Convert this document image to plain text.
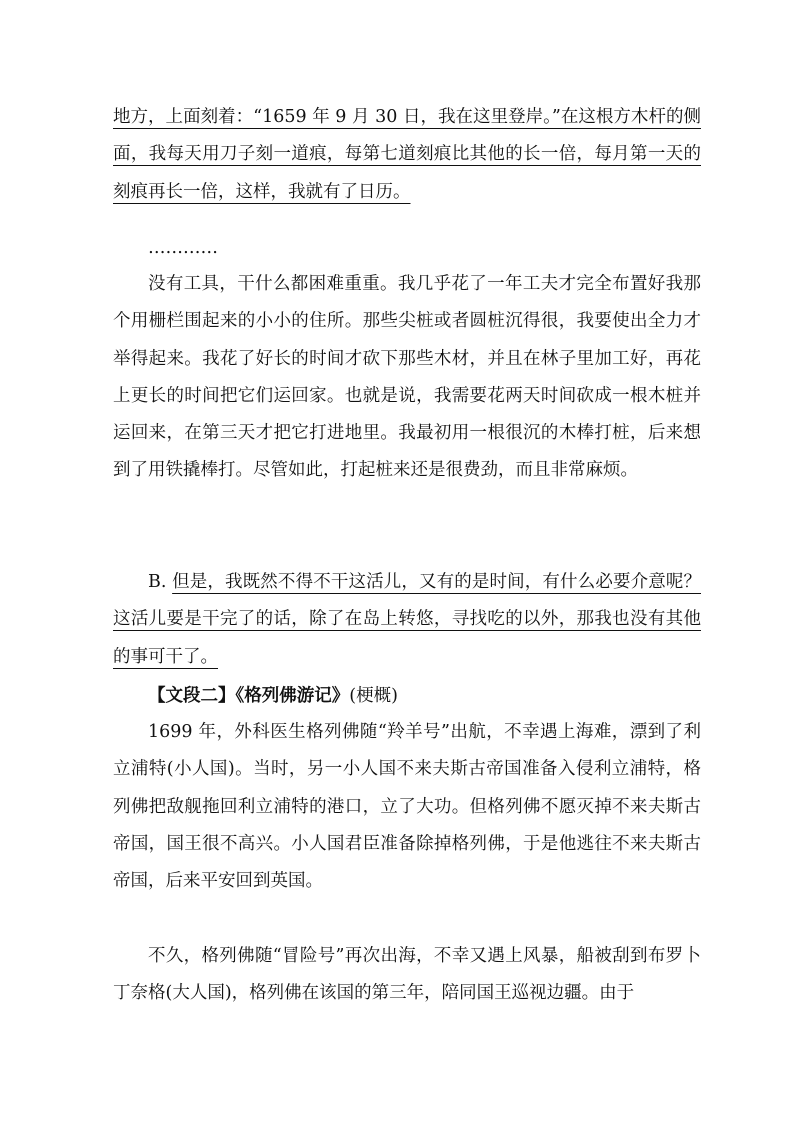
地方，上面刻着：“1659 年 9 月 30 日，我在这里登岸。”在这根方木杆的侧面，我每天用刀子刻一道痕，每第七道刻痕比其他的长一倍，每月第一天的刻痕再长一倍，这样，我就有了日历。

…………

没有工具，干什么都困难重重。我几乎花了一年工夫才完全布置好我那个用栅栏围起来的小小的住所。那些尖桩或者圆桩沉得很，我要使出全力才举得起来。我花了好长的时间才砍下那些木材，并且在林子里加工好，再花上更长的时间把它们运回家。也就是说，我需要花两天时间砍成一根木桩并运回来，在第三天才把它打进地里。我最初用一根很沉的木棒打桩，后来想到了用铁撬棒打。尽管如此，打起桩来还是很费劲，而且非常麻烦。

B. 但是，我既然不得不干这活儿，又有的是时间，有什么必要介意呢？这活儿要是干完了的话，除了在岛上转悠，寻找吃的以外，那我也没有其他的事可干了。

【文段二】《格列佛游记》(梗概)

1699 年，外科医生格列佛随“羚羊号”出航，不幸遇上海难，漂到了利立浦特(小人国)。当时，另一小人国不来夫斯古帝国准备入侵利立浦特，格列佛把敌舰拖回利立浦特的港口，立了大功。但格列佛不愿灭掉不来夫斯古帝国，国王很不高兴。小人国君臣准备除掉格列佛，于是他逃往不来夫斯古帝国，后来平安回到英国。

不久，格列佛随“冒险号”再次出海，不幸又遇上风暴，船被刮到布罗卜丁奈格(大人国)，格列佛在该国的第三年，陪同国王巡视边疆。由于
